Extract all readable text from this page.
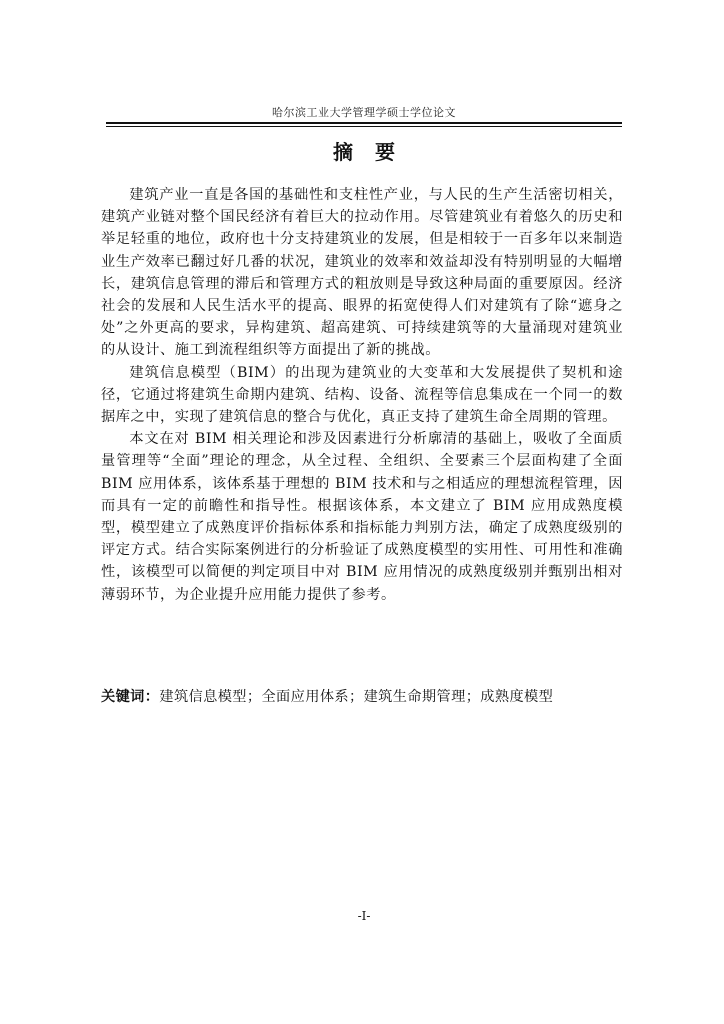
哈尔滨工业大学管理学硕士学位论文
摘要

建筑产业一直是各国的基础性和支柱性产业，与人民的生产生活密切相关，建筑产业链对整个国民经济有着巨大的拉动作用。尽管建筑业有着悠久的历史和举足轻重的地位，政府也十分支持建筑业的发展，但是相较于一百多年以来制造业生产效率已翻过好几番的状况，建筑业的效率和效益却没有特别明显的大幅增长，建筑信息管理的滞后和管理方式的粗放则是导致这种局面的重要原因。经济社会的发展和人民生活水平的提高、眼界的拓宽使得人们对建筑有了除“遮身之处”之外更高的要求，异构建筑、超高建筑、可持续建筑等的大量涌现对建筑业的从设计、施工到流程组织等方面提出了新的挑战。

建筑信息模型（BIM）的出现为建筑业的大变革和大发展提供了契机和途径，它通过将建筑生命期内建筑、结构、设备、流程等信息集成在一个同一的数据库之中，实现了建筑信息的整合与优化，真正支持了建筑生命全周期的管理。

本文在对 BIM 相关理论和涉及因素进行分析廓清的基础上，吸收了全面质量管理等“全面”理论的理念，从全过程、全组织、全要素三个层面构建了全面 BIM 应用体系，该体系基于理想的 BIM 技术和与之相适应的理想流程管理，因而具有一定的前瞻性和指导性。根据该体系，本文建立了 BIM 应用成熟度模型，模型建立了成熟度评价指标体系和指标能力判别方法，确定了成熟度级别的评定方式。结合实际案例进行的分析验证了成熟度模型的实用性、可用性和准确性，该模型可以简便的判定项目中对 BIM 应用情况的成熟度级别并甄别出相对薄弱环节，为企业提升应用能力提供了参考。

关键词：建筑信息模型；全面应用体系；建筑生命期管理；成熟度模型
-I-
